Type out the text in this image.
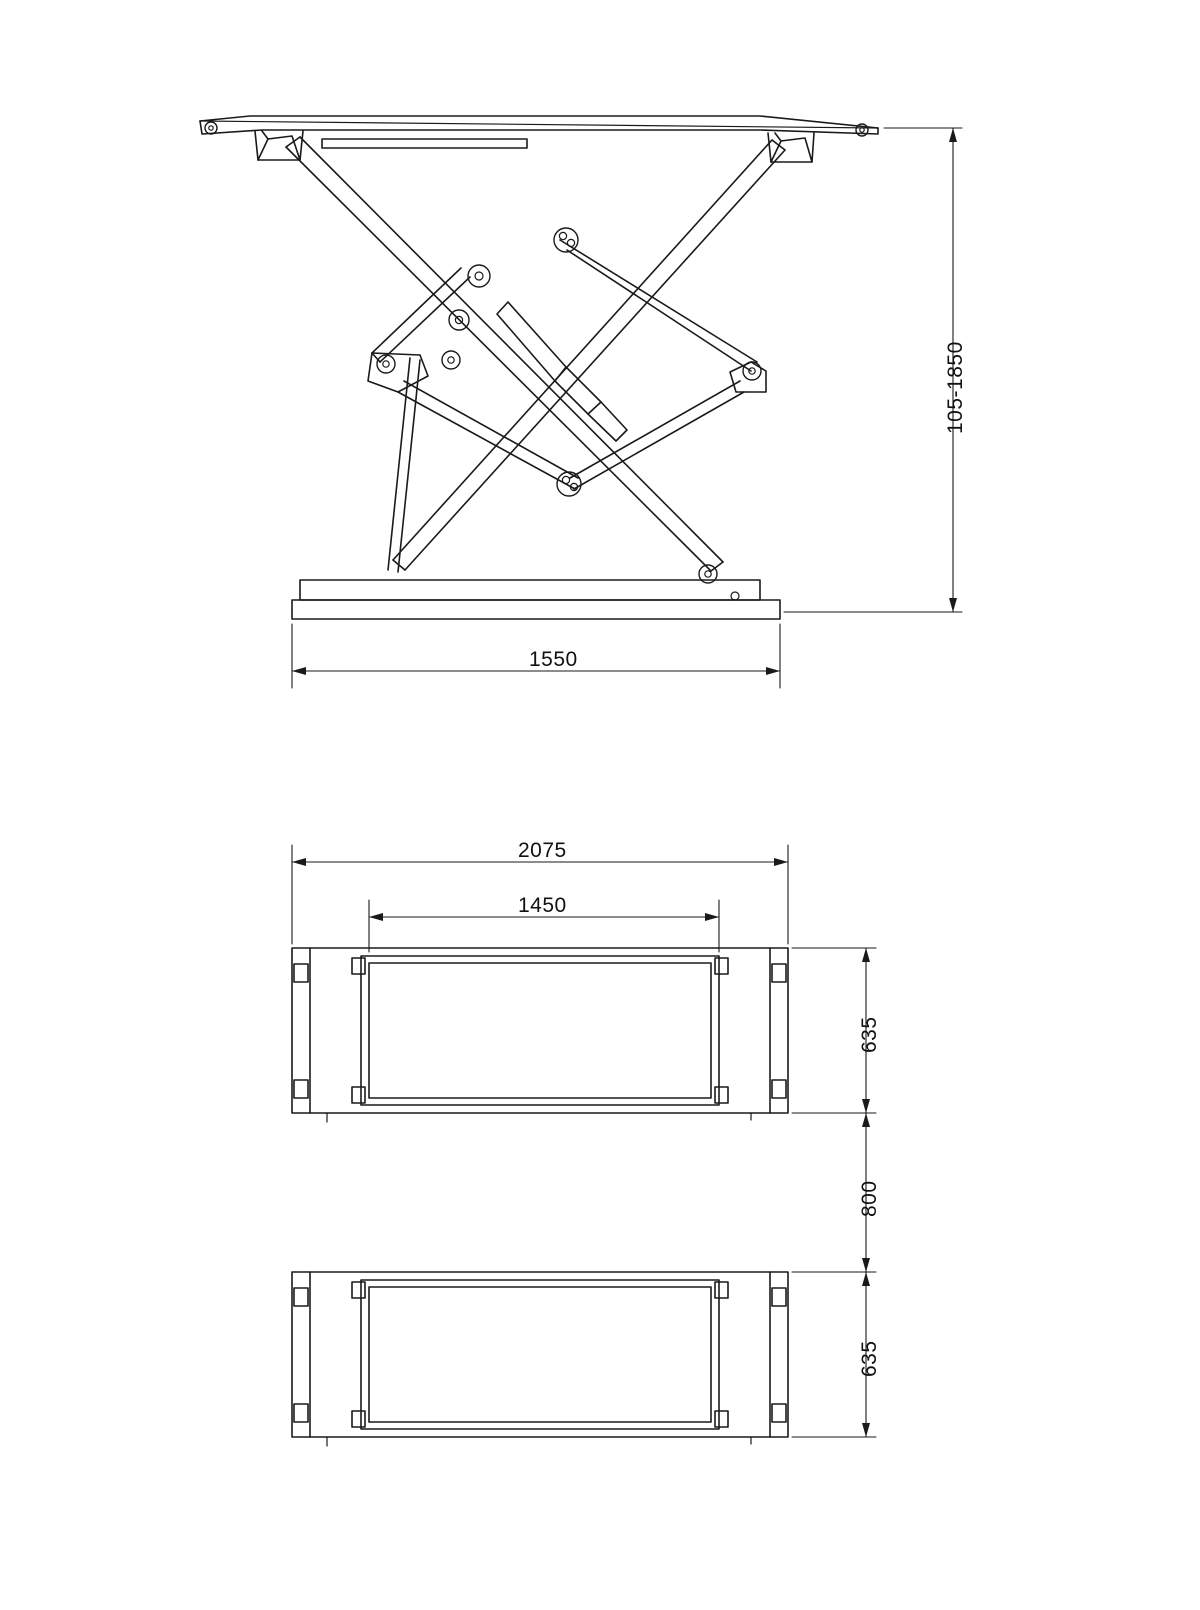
105-1850
1550
2075
1450
635
800
635
